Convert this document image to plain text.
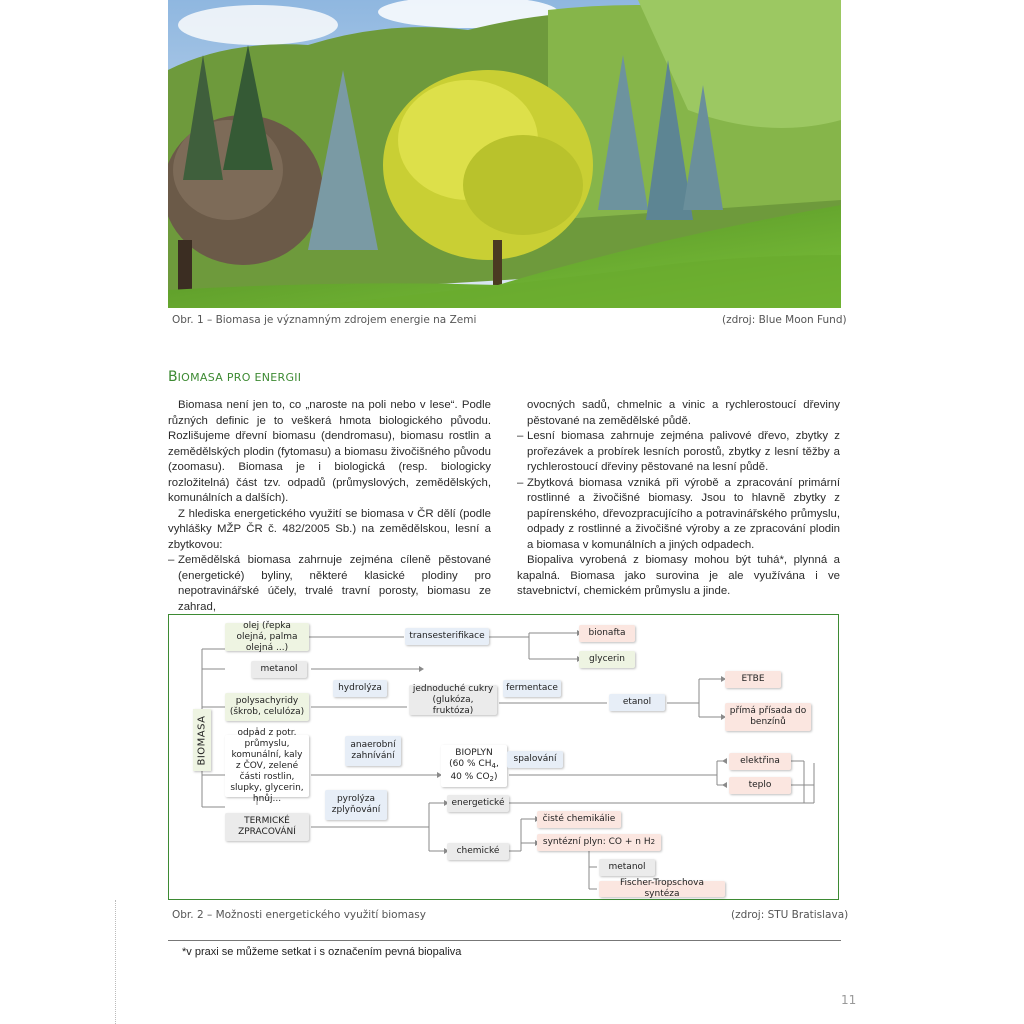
Obr. 1 – Biomasa je významným zdrojem energie na Zemi	(zdroj: Blue Moon Fund)
BIOMASA PRO ENERGII

Biomasa není jen to, co „naroste na poli nebo v lese“. Podle různých definic je to veškerá hmota biologického původu. Rozlišujeme dřevní biomasu (dendromasu), biomasu rostlin a zemědělských plodin (fytomasu) a biomasu živočišného původu (zoomasu). Biomasa je i biologická (resp. biologicky rozložitelná) část tzv. odpadů (průmyslových, zemědělských, komunálních a dalších).

Z hlediska energetického využití se biomasa v ČR dělí (podle vyhlášky MŽP ČR č. 482/2005 Sb.) na zemědělskou, lesní a zbytkovou:

– Zemědělská biomasa zahrnuje zejména cíleně pěstované (energetické) byliny, některé klasické plodiny pro nepotravinářské účely, trvalé travní porosty, biomasu ze zahrad,

ovocných sadů, chmelnic a vinic a rychlerostoucí dřeviny pěstované na zemědělské půdě.

– Lesní biomasa zahrnuje zejména palivové dřevo, zbytky z prořezávek a probírek lesních porostů, zbytky z lesní těžby a rychlerostoucí dřeviny pěstované na lesní půdě.

– Zbytková biomasa vzniká při výrobě a zpracování primární rostlinné a živočišné biomasy. Jsou to hlavně zbytky z papírenského, dřevozpracujícího a potravinářského průmyslu, odpady z rostlinné a živočišné výroby a ze zpracování plodin a biomasa v komunálních a jiných odpadech.

Biopaliva vyrobená z biomasy mohou být tuhá*, plynná a kapalná. Biomasa jako surovina je ale využívána i ve stavebnictví, chemickém průmyslu a jinde.

BIOMASA
olej (řepka olejná, palma olejná ...)
transesterifikace	bionafta
glycerin
metanol
polysachyridy (škrob, celulóza)
hydrolýza	jednoduché cukry (glukóza, fruktóza)
fermentace
etanol
ETBE
přímá přísada do benzínů
odpad z potr. průmyslu, komunální, kaly z ČOV, zelené části rostlin, slupky, glycerin, hnůj...
anaerobní zahnívání	BIOPLYN
(60 % $CH_4$,
40 % $CO_2$)
spalování	elektřina
teplo
TERMICKÉ ZPRACOVÁNÍ
pyrolýza zplyňování
energetické
chemické
čisté chemikálie
syntézní plyn: CO + n H 2
metanol
Fischer-Tropschova syntéza
Obr. 2 – Možnosti energetického využití biomasy	(zdroj: STU Bratislava)
*v praxi se můžeme setkat i s označením pevná biopaliva
11
